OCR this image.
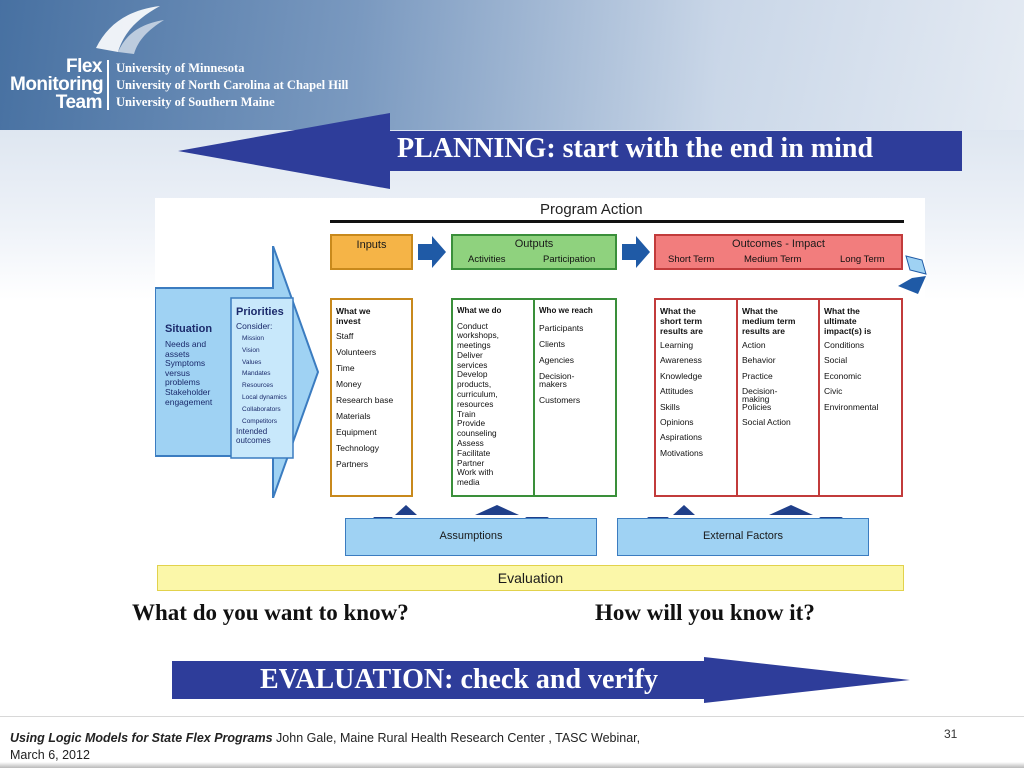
Flex
Monitoring
Team
University of Minnesota
University of North Carolina at Chapel Hill
University of Southern Maine
PLANNING: start with the end in mind
Program Action
Inputs	Outputs
Activities	Participation
Outcomes - Impact
Short Term	Medium Term	Long Term
Situation
Needs and
assets
Symptoms
versus
problems
Stakeholder
engagement
Priorities
Consider:
Mission
Vision
Values
Mandates
Resources
Local dynamics
Collaborators
Competitors
Intended
outcomes
What we
invest
Staff

Volunteers

Time

Money

Research base

Materials

Equipment

Technology

Partners
What we do
Conduct
workshops,
meetings
Deliver
services
Develop
products,
curriculum,
resources
Train
Provide
counseling
Assess
Facilitate
Partner
Work with
media
Who we reach
Participants

Clients

Agencies

Decision-
makers

Customers
What the
short term
results are
Learning

Awareness

Knowledge

Attitudes

Skills

Opinions

Aspirations

Motivations
What the
medium term
results are
Action

Behavior

Practice

Decision-
making
Policies

Social Action
What the
ultimate
impact(s) is
Conditions

Social

Economic

Civic

Environmental
Assumptions	External Factors
Evaluation
What do you want to know?	How will you know it?
EVALUATION: check and verify
Using Logic Models for State Flex Programs John Gale, Maine Rural Health Research Center , TASC Webinar,
March 6, 2012
31
